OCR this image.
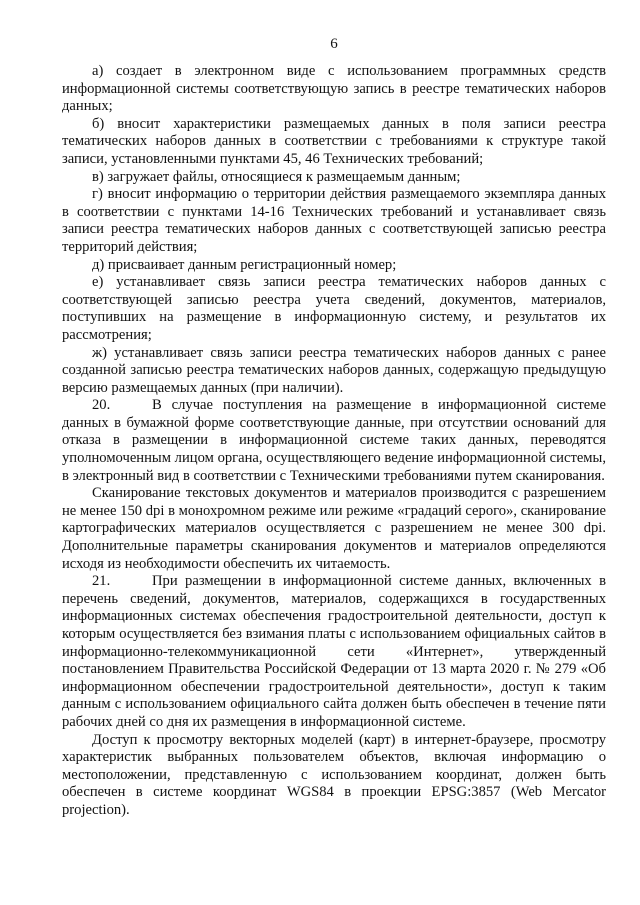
6

а) создает в электронном виде с использованием программных средств информационной системы соответствующую запись в реестре тематических наборов данных;

б) вносит характеристики размещаемых данных в поля записи реестра тематических наборов данных в соответствии с требованиями к структуре такой записи, установленными пунктами 45, 46 Технических требований;

в) загружает файлы, относящиеся к размещаемым данным;

г) вносит информацию о территории действия размещаемого экземпляра данных в соответствии с пунктами 14-16 Технических требований и устанавливает связь записи реестра тематических наборов данных с соответствующей записью реестра территорий действия;

д) присваивает данным регистрационный номер;

е) устанавливает связь записи реестра тематических наборов данных с соответствующей записью реестра учета сведений, документов, материалов, поступивших на размещение в информационную систему, и результатов их рассмотрения;

ж) устанавливает связь записи реестра тематических наборов данных с ранее созданной записью реестра тематических наборов данных, содержащую предыдущую версию размещаемых данных (при наличии).

20.	В случае поступления на размещение в информационной системе данных в бумажной форме соответствующие данные, при отсутствии оснований для отказа в размещении в информационной системе таких данных, переводятся уполномоченным лицом органа, осуществляющего ведение информационной системы, в электронный вид в соответствии с Техническими требованиями путем сканирования.

Сканирование текстовых документов и материалов производится с разрешением не менее 150 dpi в монохромном режиме или режиме «градаций серого», сканирование картографических материалов осуществляется с разрешением не менее 300 dpi. Дополнительные параметры сканирования документов и материалов определяются исходя из необходимости обеспечить их читаемость.

21.	При размещении в информационной системе данных, включенных в перечень сведений, документов, материалов, содержащихся в государственных информационных системах обеспечения градостроительной деятельности, доступ к которым осуществляется без взимания платы с использованием официальных сайтов в информационно-телекоммуникационной сети «Интернет», утвержденный постановлением Правительства Российской Федерации от 13 марта 2020 г. № 279 «Об информационном обеспечении градостроительной деятельности», доступ к таким данным с использованием официального сайта должен быть обеспечен в течение пяти рабочих дней со дня их размещения в информационной системе.

Доступ к просмотру векторных моделей (карт) в интернет-браузере, просмотру характеристик выбранных пользователем объектов, включая информацию о местоположении, представленную с использованием координат, должен быть обеспечен в системе координат WGS84 в проекции EPSG:3857 (Web Mercator projection).
